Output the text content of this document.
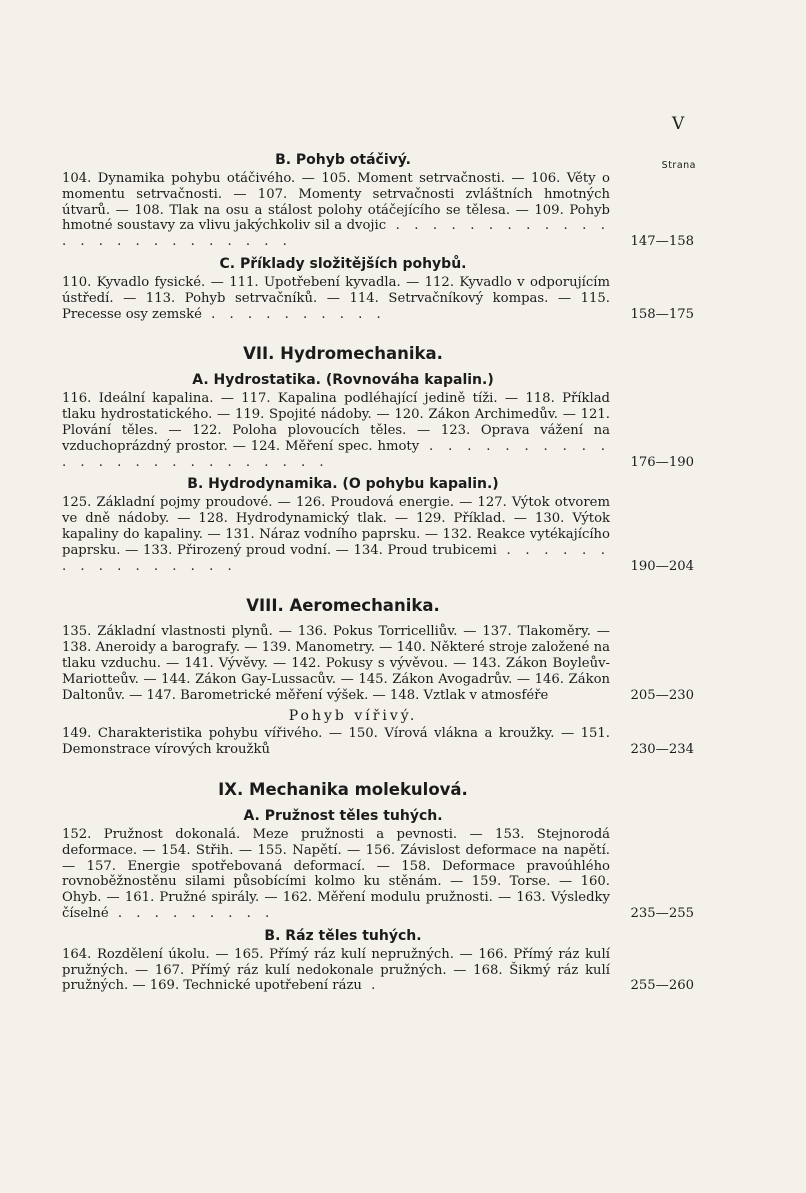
V
B. Pohyb otáčivý.	Strana
104. Dynamika pohybu otáčivého. — 105. Moment setrvačnosti. — 106. Věty o momentu setrvačnosti. — 107. Momenty setrvačnosti zvláštních hmotných útvarů. — 108. Tlak na osu a stálost polohy otáčejícího se tělesa. — 109. Pohyb hmotné soustavy za vlivu jakýchkoliv sil a dvojic . . . . . . . . . . . . . . . . . . . . . . . . .	147—158
C. Příklady složitějších pohybů.
110. Kyvadlo fysické. — 111. Upotřebení kyvadla. — 112. Kyvadlo v odporujícím ústředí. — 113. Pohyb setrvačníků. — 114. Setrvačníkový kompas. — 115. Precesse osy zemské . . . . . . . . . .	158—175
VII. Hydromechanika.
A. Hydrostatika. (Rovnováha kapalin.)
116. Ideální kapalina. — 117. Kapalina podléhající jedině tíži. — 118. Příklad tlaku hydrostatického. — 119. Spojité nádoby. — 120. Zákon Archimedův. — 121. Plování těles. — 122. Poloha plovoucích těles. — 123. Oprava vážení na vzduchoprázdný prostor. — 124. Měření spec. hmoty . . . . . . . . . . . . . . . . . . . . . . . . .	176—190
B. Hydrodynamika. (O pohybu kapalin.)
125. Základní pojmy proudové. — 126. Proudová energie. — 127. Výtok otvorem ve dně nádoby. — 128. Hydrodynamický tlak. — 129. Příklad. — 130. Výtok kapaliny do kapaliny. — 131. Náraz vodního paprsku. — 132. Reakce vytékajícího paprsku. — 133. Přirozený proud vodní. — 134. Proud trubicemi . . . . . . . . . . . . . . . .	190—204
VIII. Aeromechanika.
135. Základní vlastnosti plynů. — 136. Pokus Torricelliův. — 137. Tlakoměry. — 138. Aneroidy a barografy. — 139. Manometry. — 140. Některé stroje založené na tlaku vzduchu. — 141. Vývěvy. — 142. Pokusy s vývěvou. — 143. Zákon Boyleův-Mariotteův. — 144. Zákon Gay-Lussacův. — 145. Zákon Avogadrův. — 146. Zákon Daltonův. — 147. Barometrické měření výšek. — 148. Vztlak v atmosféře	205—230
Pohyb vířivý.
149. Charakteristika pohybu vířivého. — 150. Vírová vlákna a kroužky. — 151. Demonstrace vírových kroužků	230—234
IX. Mechanika molekulová.
A. Pružnost těles tuhých.
152. Pružnost dokonalá. Meze pružnosti a pevnosti. — 153. Stejnorodá deformace. — 154. Střih. — 155. Napětí. — 156. Závislost deformace na napětí. — 157. Energie spotřebovaná deformací. — 158. Deformace pravoúhlého rovnoběžnostěnu silami působícími kolmo ku stěnám. — 159. Torse. — 160. Ohyb. — 161. Pružné spirály. — 162. Měření modulu pružnosti. — 163. Výsledky číselné . . . . . . . . .	235—255
B. Ráz těles tuhých.
164. Rozdělení úkolu. — 165. Přímý ráz kulí nepružných. — 166. Přímý ráz kulí pružných. — 167. Přímý ráz kulí nedokonale pružných. — 168. Šikmý ráz kulí pružných. — 169. Technické upotřebení rázu .	255—260
